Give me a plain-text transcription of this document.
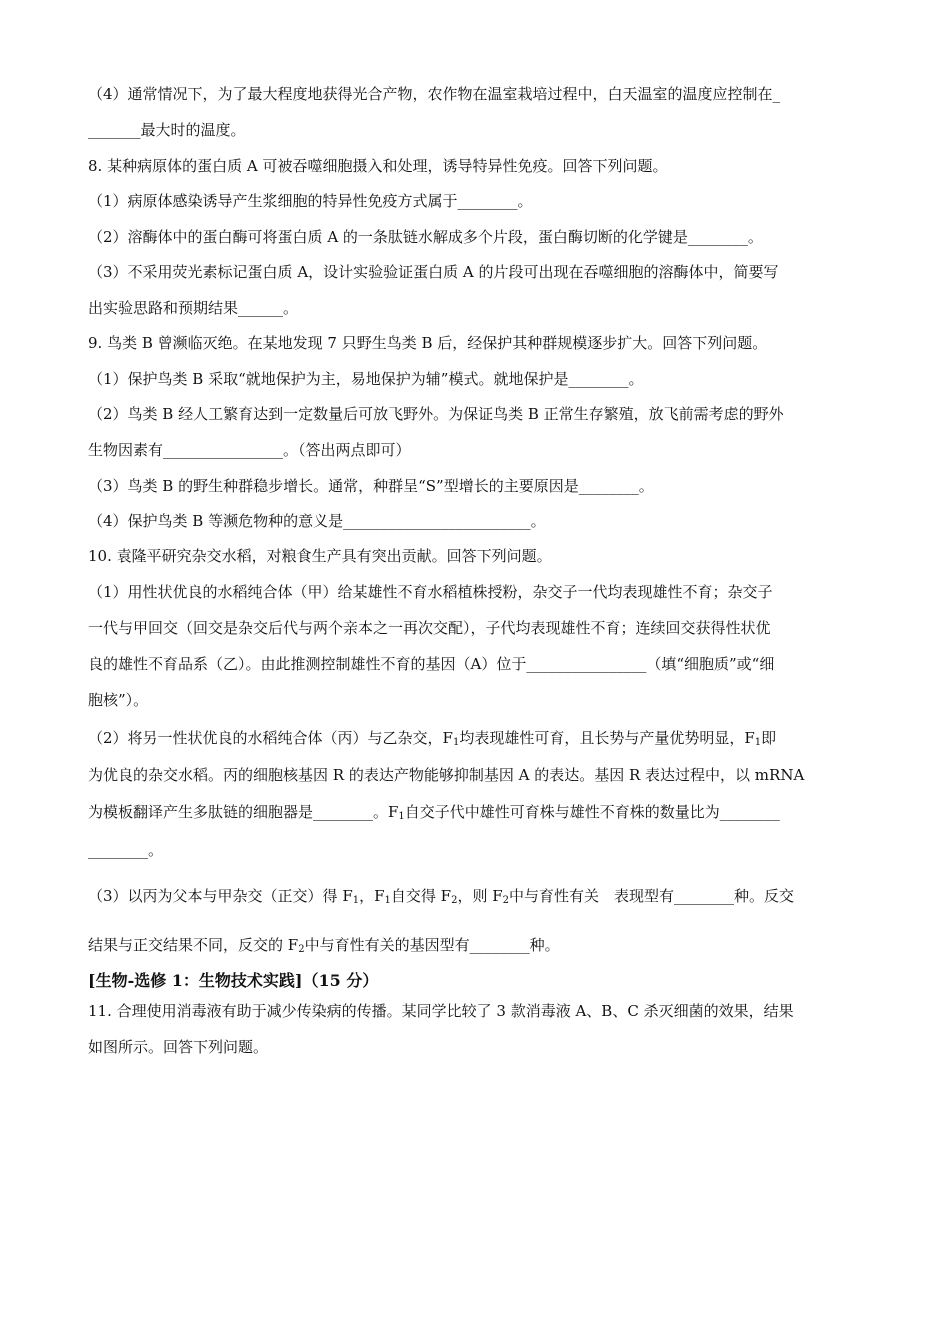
（4）通常情况下，为了最大程度地获得光合产物，农作物在温室栽培过程中，白天温室的温度应控制在_
_______最大时的温度。
8. 某种病原体的蛋白质 A 可被吞噬细胞摄入和处理，诱导特异性免疫。回答下列问题。
（1）病原体感染诱导产生浆细胞的特异性免疫方式属于________。
（2）溶酶体中的蛋白酶可将蛋白质 A 的一条肽链水解成多个片段，蛋白酶切断的化学键是________。
（3）不采用荧光素标记蛋白质 A，设计实验验证蛋白质 A 的片段可出现在吞噬细胞的溶酶体中，简要写
出实验思路和预期结果______。
9. 鸟类 B 曾濒临灭绝。在某地发现 7 只野生鸟类 B 后，经保护其种群规模逐步扩大。回答下列问题。
（1）保护鸟类 B 采取“就地保护为主，易地保护为辅”模式。就地保护是________。
（2）鸟类 B 经人工繁育达到一定数量后可放飞野外。为保证鸟类 B 正常生存繁殖，放飞前需考虑的野外
生物因素有________________。（答出两点即可）
（3）鸟类 B 的野生种群稳步增长。通常，种群呈“S”型增长的主要原因是________。
（4）保护鸟类 B 等濒危物种的意义是_________________________。
10. 袁隆平研究杂交水稻，对粮食生产具有突出贡献。回答下列问题。
（1）用性状优良的水稻纯合体（甲）给某雄性不育水稻植株授粉，杂交子一代均表现雄性不育；杂交子
一代与甲回交（回交是杂交后代与两个亲本之一再次交配），子代均表现雄性不育；连续回交获得性状优
良的雄性不育品系（乙）。由此推测控制雄性不育的基因（A）位于________________（填“细胞质”或“细
胞核”）。
（2）将另一性状优良的水稻纯合体（丙）与乙杂交，$F_1$均表现雄性可育，且长势与产量优势明显，$F_1$即
为优良的杂交水稻。丙的细胞核基因 R 的表达产物能够抑制基因 A 的表达。基因 R 表达过程中，以 mRNA
为模板翻译产生多肽链的细胞器是________。$F_1$自交子代中雄性可育株与雄性不育株的数量比为________
________。
（3）以丙为父本与甲杂交（正交）得 $F_1$，$F_1$自交得 $F_2$，则 $F_2$中与育性有关　表现型有________种。反交
结果与正交结果不同，反交的 $F_2$中与育性有关的基因型有________种。
[生物-选修 1：生物技术实践]（15 分）
11. 合理使用消毒液有助于减少传染病的传播。某同学比较了 3 款消毒液 A、B、C 杀灭细菌的效果，结果
如图所示。回答下列问题。
